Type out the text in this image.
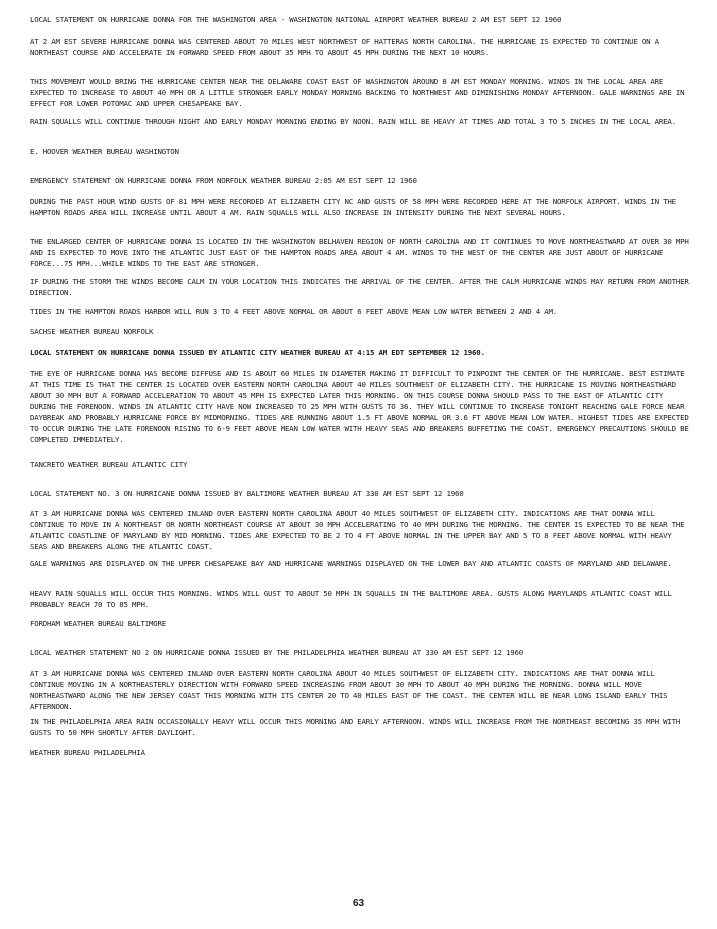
LOCAL STATEMENT ON HURRICANE DONNA FOR THE WASHINGTON AREA - WASHINGTON NATIONAL AIRPORT WEATHER BUREAU 2 AM EST SEPT 12 1960

AT 2 AM EST SEVERE HURRICANE DONNA WAS CENTERED ABOUT 70 MILES WEST NORTHWEST OF HATTERAS NORTH CAROLINA. THE HURRICANE IS EXPECTED TO CONTINUE ON A NORTHEAST COURSE AND ACCELERATE IN FORWARD SPEED FROM ABOUT 35 MPH TO ABOUT 45 MPH DURING THE NEXT 10 HOURS.

THIS MOVEMENT WOULD BRING THE HURRICANE CENTER NEAR THE DELAWARE COAST EAST OF WASHINGTON AROUND 8 AM EST MONDAY MORNING. WINDS IN THE LOCAL AREA ARE EXPECTED TO INCREASE TO ABOUT 40 MPH OR A LITTLE STRONGER EARLY MONDAY MORNING BACKING TO NORTHWEST AND DIMINISHING MONDAY AFTERNOON. GALE WARNINGS ARE IN EFFECT FOR LOWER POTOMAC AND UPPER CHESAPEAKE BAY.

RAIN SQUALLS WILL CONTINUE THROUGH NIGHT AND EARLY MONDAY MORNING ENDING BY NOON. RAIN WILL BE HEAVY AT TIMES AND TOTAL 3 TO 5 INCHES IN THE LOCAL AREA.

E. HOOVER WEATHER BUREAU WASHINGTON

EMERGENCY STATEMENT ON HURRICANE DONNA FROM NORFOLK WEATHER BUREAU 2:05 AM EST SEPT 12 1960

DURING THE PAST HOUR WIND GUSTS OF 81 MPH WERE RECORDED AT ELIZABETH CITY NC AND GUSTS OF 58 MPH WERE RECORDED HERE AT THE NORFOLK AIRPORT. WINDS IN THE HAMPTON ROADS AREA WILL INCREASE UNTIL ABOUT 4 AM. RAIN SQUALLS WILL ALSO INCREASE IN INTENSITY DURING THE NEXT SEVERAL HOURS.

THE ENLARGED CENTER OF HURRICANE DONNA IS LOCATED IN THE WASHINGTON BELHAVEN REGION OF NORTH CAROLINA AND IT CONTINUES TO MOVE NORTHEASTWARD AT OVER 30 MPH AND IS EXPECTED TO MOVE INTO THE ATLANTIC JUST EAST OF THE HAMPTON ROADS AREA ABOUT 4 AM. WINDS TO THE WEST OF THE CENTER ARE JUST ABOUT OF HURRICANE FORCE...75 MPH...WHILE WINDS TO THE EAST ARE STRONGER.

IF DURING THE STORM THE WINDS BECOME CALM IN YOUR LOCATION THIS INDICATES THE ARRIVAL OF THE CENTER. AFTER THE CALM HURRICANE WINDS MAY RETURN FROM ANOTHER DIRECTION.

TIDES IN THE HAMPTON ROADS HARBOR WILL RUN 3 TO 4 FEET ABOVE NORMAL OR ABOUT 6 FEET ABOVE MEAN LOW WATER BETWEEN 2 AND 4 AM.

SACHSE WEATHER BUREAU NORFOLK

LOCAL STATEMENT ON HURRICANE DONNA ISSUED BY ATLANTIC CITY WEATHER BUREAU AT 4:15 AM EDT SEPTEMBER 12 1960.

THE EYE OF HURRICANE DONNA HAS BECOME DIFFUSE AND IS ABOUT 60 MILES IN DIAMETER MAKING IT DIFFICULT TO PINPOINT THE CENTER OF THE HURRICANE. BEST ESTIMATE AT THIS TIME IS THAT THE CENTER IS LOCATED OVER EASTERN NORTH CAROLINA ABOUT 40 MILES SOUTHWEST OF ELIZABETH CITY. THE HURRICANE IS MOVING NORTHEASTWARD ABOUT 30 MPH BUT A FORWARD ACCELERATION TO ABOUT 45 MPH IS EXPECTED LATER THIS MORNING. ON THIS COURSE DONNA SHOULD PASS TO THE EAST OF ATLANTIC CITY DURING THE FORENOON. WINDS IN ATLANTIC CITY HAVE NOW INCREASED TO 25 MPH WITH GUSTS TO 36. THEY WILL CONTINUE TO INCREASE TONIGHT REACHING GALE FORCE NEAR DAYBREAK AND PROBABLY HURRICANE FORCE BY MIDMORNING. TIDES ARE RUNNING ABOUT 1.5 FT ABOVE NORMAL OR 3.6 FT ABOVE MEAN LOW WATER. HIGHEST TIDES ARE EXPECTED TO OCCUR DURING THE LATE FORENOON RISING TO 6-9 FEET ABOVE MEAN LOW WATER WITH HEAVY SEAS AND BREAKERS BUFFETING THE COAST. EMERGENCY PRECAUTIONS SHOULD BE COMPLETED IMMEDIATELY.

TANCRETO WEATHER BUREAU ATLANTIC CITY

LOCAL STATEMENT NO. 3 ON HURRICANE DONNA ISSUED BY BALTIMORE WEATHER BUREAU AT 330 AM EST SEPT 12 1960

AT 3 AM HURRICANE DONNA WAS CENTERED INLAND OVER EASTERN NORTH CAROLINA ABOUT 40 MILES SOUTHWEST OF ELIZABETH CITY. INDICATIONS ARE THAT DONNA WILL CONTINUE TO MOVE IN A NORTHEAST OR NORTH NORTHEAST COURSE AT ABOUT 30 MPH ACCELERATING TO 40 MPH DURING THE MORNING. THE CENTER IS EXPECTED TO BE NEAR THE ATLANTIC COASTLINE OF MARYLAND BY MID MORNING. TIDES ARE EXPECTED TO BE 2 TO 4 FT ABOVE NORMAL IN THE UPPER BAY AND 5 TO 8 FEET ABOVE NORMAL WITH HEAVY SEAS AND BREAKERS ALONG THE ATLANTIC COAST.

GALE WARNINGS ARE DISPLAYED ON THE UPPER CHESAPEAKE BAY AND HURRICANE WARNINGS DISPLAYED ON THE LOWER BAY AND ATLANTIC COASTS OF MARYLAND AND DELAWARE.

HEAVY RAIN SQUALLS WILL OCCUR THIS MORNING. WINDS WILL GUST TO ABOUT 50 MPH IN SQUALLS IN THE BALTIMORE AREA. GUSTS ALONG MARYLANDS ATLANTIC COAST WILL PROBABLY REACH 70 TO 85 MPH.

FORDHAM WEATHER BUREAU BALTIMORE

LOCAL WEATHER STATEMENT NO 2 ON HURRICANE DONNA ISSUED BY THE PHILADELPHIA WEATHER BUREAU AT 330 AM EST SEPT 12 1960

AT 3 AM HURRICANE DONNA WAS CENTERED INLAND OVER EASTERN NORTH CAROLINA ABOUT 40 MILES SOUTHWEST OF ELIZABETH CITY. INDICATIONS ARE THAT DONNA WILL CONTINUE MOVING IN A NORTHEASTERLY DIRECTION WITH FORWARD SPEED INCREASING FROM ABOUT 30 MPH TO ABOUT 40 MPH DURING THE MORNING. DONNA WILL MOVE NORTHEASTWARD ALONG THE NEW JERSEY COAST THIS MORNING WITH ITS CENTER 20 TO 40 MILES EAST OF THE COAST. THE CENTER WILL BE NEAR LONG ISLAND EARLY THIS AFTERNOON.

IN THE PHILADELPHIA AREA RAIN OCCASIONALLY HEAVY WILL OCCUR THIS MORNING AND EARLY AFTERNOON. WINDS WILL INCREASE FROM THE NORTHEAST BECOMING 35 MPH WITH GUSTS TO 50 MPH SHORTLY AFTER DAYLIGHT.

WEATHER BUREAU PHILADELPHIA

63
